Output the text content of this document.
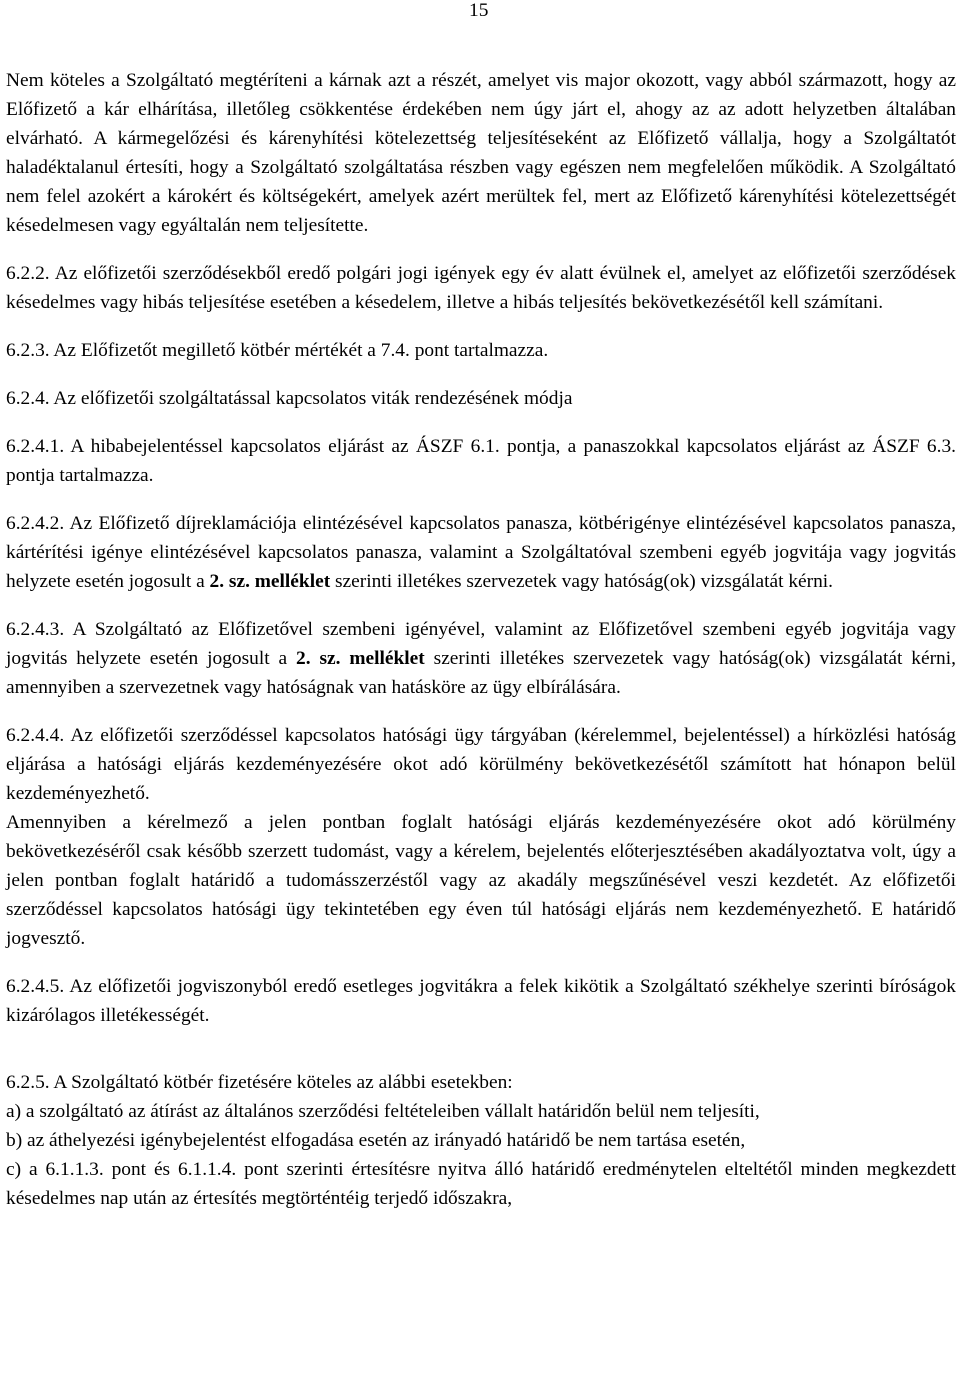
15

Nem köteles a Szolgáltató megtéríteni a kárnak azt a részét, amelyet vis major okozott, vagy abból származott, hogy az Előfizető a kár elhárítása, illetőleg csökkentése érdekében nem úgy járt el, ahogy az az adott helyzetben általában elvárható. A kármegelőzési és kárenyhítési kötelezettség teljesítéseként az Előfizető vállalja, hogy a Szolgáltatót haladéktalanul értesíti, hogy a Szolgáltató szolgáltatása részben vagy egészen nem megfelelően működik. A Szolgáltató nem felel azokért a károkért és költségekért, amelyek azért merültek fel, mert az Előfizető kárenyhítési kötelezettségét késedelmesen vagy egyáltalán nem teljesítette.

6.2.2. Az előfizetői szerződésekből eredő polgári jogi igények egy év alatt évülnek el, amelyet az előfizetői szerződések késedelmes vagy hibás teljesítése esetében a késedelem, illetve a hibás teljesítés bekövetkezésétől kell számítani.

6.2.3. Az Előfizetőt megillető kötbér mértékét a 7.4. pont tartalmazza.

6.2.4. Az előfizetői szolgáltatással kapcsolatos viták rendezésének módja

6.2.4.1. A hibabejelentéssel kapcsolatos eljárást az ÁSZF 6.1. pontja, a panaszokkal kapcsolatos eljárást az ÁSZF 6.3. pontja tartalmazza.

6.2.4.2. Az Előfizető díjreklamációja elintézésével kapcsolatos panasza, kötbérigénye elintézésével kapcsolatos panasza, kártérítési igénye elintézésével kapcsolatos panasza, valamint a Szolgáltatóval szembeni egyéb jogvitája vagy jogvitás helyzete esetén jogosult a 2. sz. melléklet szerinti illetékes szervezetek vagy hatóság(ok) vizsgálatát kérni.

6.2.4.3. A Szolgáltató az Előfizetővel szembeni igényével, valamint az Előfizetővel szembeni egyéb jogvitája vagy jogvitás helyzete esetén jogosult a 2. sz. melléklet szerinti illetékes szervezetek vagy hatóság(ok) vizsgálatát kérni, amennyiben a szervezetnek vagy hatóságnak van hatásköre az ügy elbírálására.

6.2.4.4. Az előfizetői szerződéssel kapcsolatos hatósági ügy tárgyában (kérelemmel, bejelentéssel) a hírközlési hatóság eljárása a hatósági eljárás kezdeményezésére okot adó körülmény bekövetkezésétől számított hat hónapon belül kezdeményezhető.

Amennyiben a kérelmező a jelen pontban foglalt hatósági eljárás kezdeményezésére okot adó körülmény bekövetkezéséről csak később szerzett tudomást, vagy a kérelem, bejelentés előterjesztésében akadályoztatva volt, úgy a jelen pontban foglalt határidő a tudomásszerzéstől vagy az akadály megszűnésével veszi kezdetét. Az előfizetői szerződéssel kapcsolatos hatósági ügy tekintetében egy éven túl hatósági eljárás nem kezdeményezhető. E határidő jogvesztő.

6.2.4.5. Az előfizetői jogviszonyból eredő esetleges jogvitákra a felek kikötik a Szolgáltató székhelye szerinti bíróságok kizárólagos illetékességét.

6.2.5. A Szolgáltató kötbér fizetésére köteles az alábbi esetekben:

a) a szolgáltató az átírást az általános szerződési feltételeiben vállalt határidőn belül nem teljesíti,

b) az áthelyezési igénybejelentést elfogadása esetén az irányadó határidő be nem tartása esetén,

c) a 6.1.1.3. pont és 6.1.1.4. pont szerinti értesítésre nyitva álló határidő eredménytelen elteltétől minden megkezdett késedelmes nap után az értesítés megtörténtéig terjedő időszakra,
